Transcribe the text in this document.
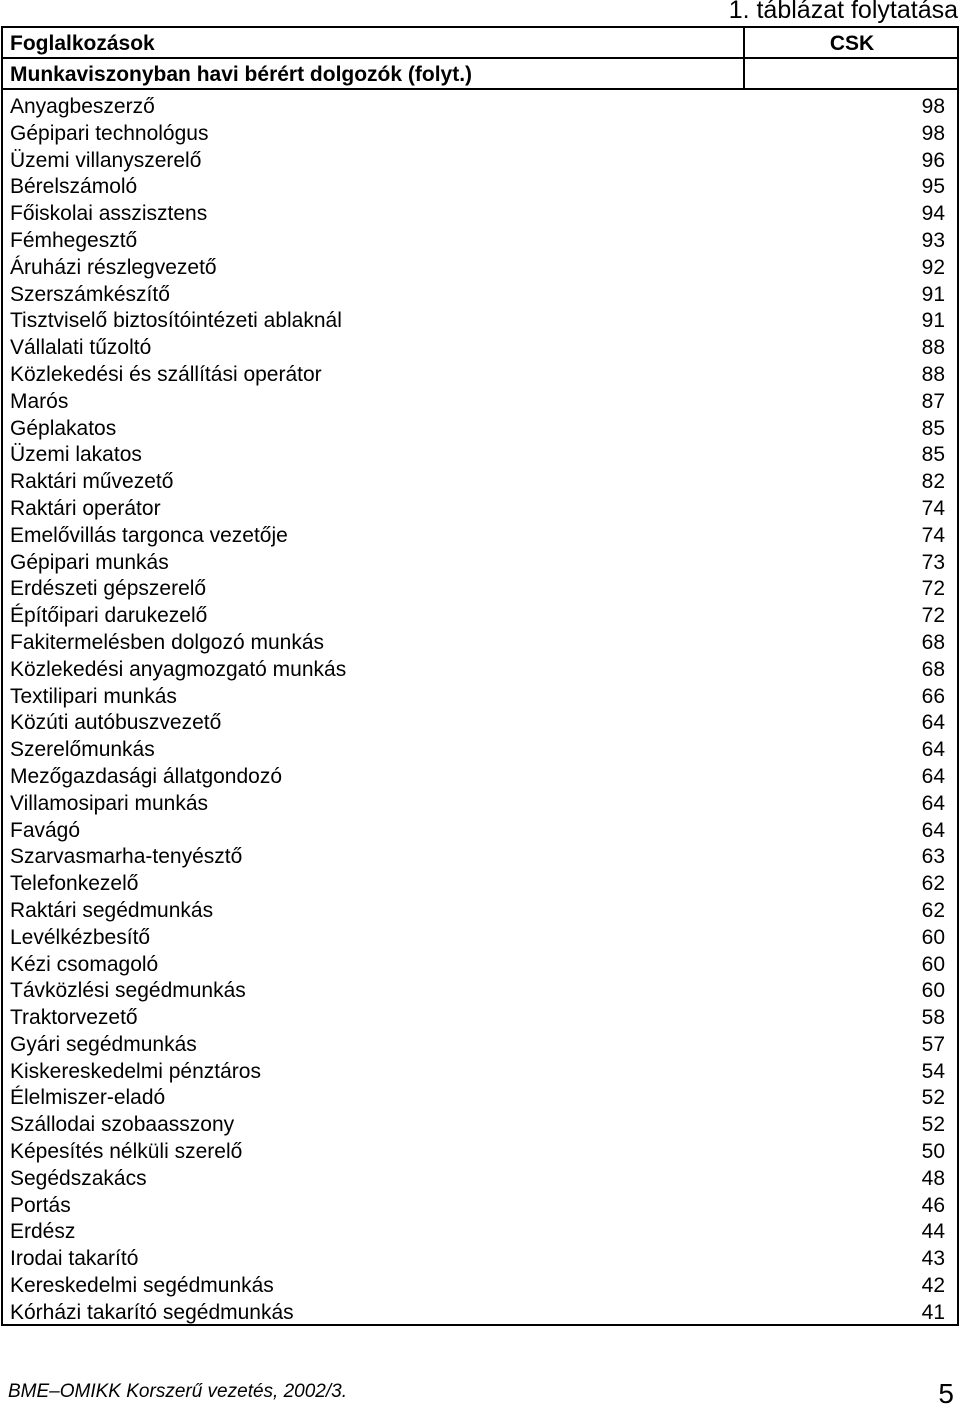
1. táblázat folytatása
Foglalkozások	CSK
Munkaviszonyban havi bérért dolgozók (folyt.)
Anyagbeszerző	98
Gépipari technológus	98
Üzemi villanyszerelő	96
Bérelszámoló	95
Főiskolai asszisztens	94
Fémhegesztő	93
Áruházi részlegvezető	92
Szerszámkészítő	91
Tisztviselő biztosítóintézeti ablaknál	91
Vállalati tűzoltó	88
Közlekedési és szállítási operátor	88
Marós	87
Géplakatos	85
Üzemi lakatos	85
Raktári művezető	82
Raktári operátor	74
Emelővillás targonca vezetője	74
Gépipari munkás	73
Erdészeti gépszerelő	72
Építőipari darukezelő	72
Fakitermelésben dolgozó munkás	68
Közlekedési anyagmozgató munkás	68
Textilipari munkás	66
Közúti autóbuszvezető	64
Szerelőmunkás	64
Mezőgazdasági állatgondozó	64
Villamosipari munkás	64
Favágó	64
Szarvasmarha-tenyésztő	63
Telefonkezelő	62
Raktári segédmunkás	62
Levélkézbesítő	60
Kézi csomagoló	60
Távközlési segédmunkás	60
Traktorvezető	58
Gyári segédmunkás	57
Kiskereskedelmi pénztáros	54
Élelmiszer-eladó	52
Szállodai szobaasszony	52
Képesítés nélküli szerelő	50
Segédszakács	48
Portás	46
Erdész	44
Irodai takarító	43
Kereskedelmi segédmunkás	42
Kórházi takarító segédmunkás	41
BME–OMIKK Korszerű vezetés, 2002/3.	5
